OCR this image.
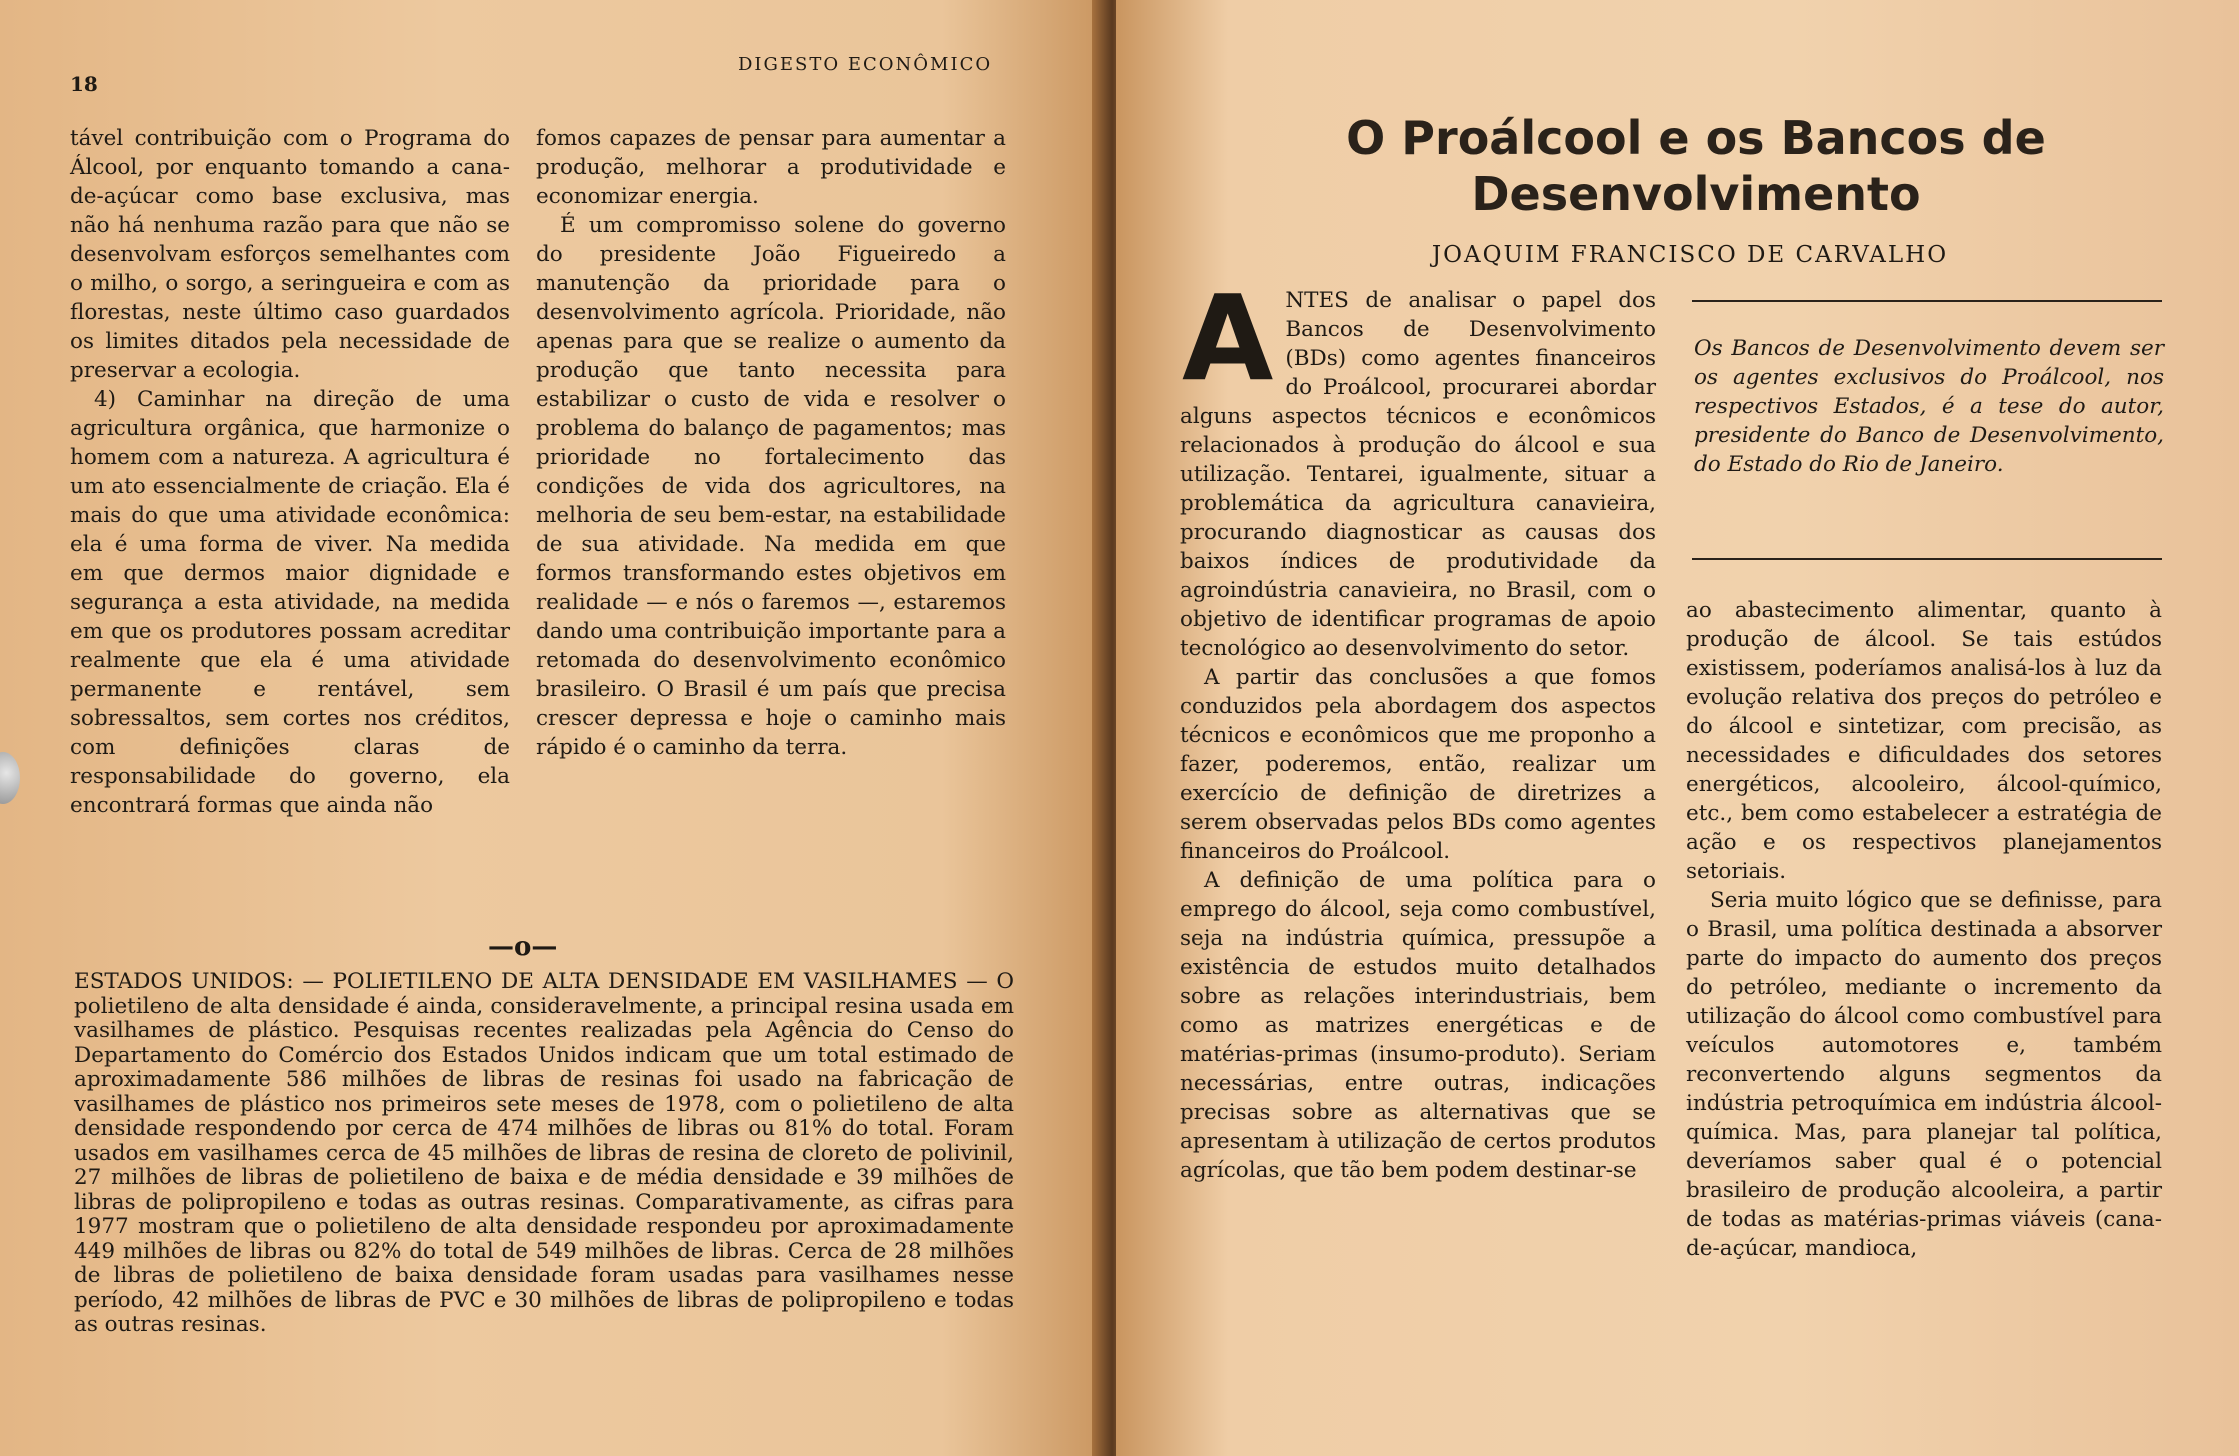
18
DIGESTO ECONÔMICO

tável contribuição com o Programa do Álcool, por enquanto tomando a cana-de-açúcar como base exclusiva, mas não há nenhuma razão para que não se desenvolvam esforços semelhantes com o milho, o sorgo, a seringueira e com as florestas, neste último caso guardados os limites ditados pela necessidade de preservar a ecologia.

4) Caminhar na direção de uma agricultura orgânica, que harmonize o homem com a natureza. A agricultura é um ato essencialmente de criação. Ela é mais do que uma atividade econômica: ela é uma forma de viver. Na medida em que dermos maior dignidade e segurança a esta atividade, na medida em que os produtores possam acreditar realmente que ela é uma atividade permanente e rentável, sem sobressaltos, sem cortes nos créditos, com definições claras de responsabilidade do governo, ela encontrará formas que ainda não

fomos capazes de pensar para aumentar a produção, melhorar a produtividade e economizar energia.

É um compromisso solene do governo do presidente João Figueiredo a manutenção da prioridade para o desenvolvimento agrícola. Prioridade, não apenas para que se realize o aumento da produção que tanto necessita para estabilizar o custo de vida e resolver o problema do balanço de pagamentos; mas prioridade no fortalecimento das condições de vida dos agricultores, na melhoria de seu bem-estar, na estabilidade de sua atividade. Na medida em que formos transformando estes objetivos em realidade — e nós o faremos —, estaremos dando uma contribuição importante para a retomada do desenvolvimento econômico brasileiro. O Brasil é um país que precisa crescer depressa e hoje o caminho mais rápido é o caminho da terra.

—o—
ESTADOS UNIDOS: — POLIETILENO DE ALTA DENSIDADE EM VASILHAMES — O polietileno de alta densidade é ainda, consideravelmente, a principal resina usada em vasilhames de plástico. Pesquisas recentes realizadas pela Agência do Censo do Departamento do Comércio dos Estados Unidos indicam que um total estimado de aproximadamente 586 milhões de libras de resinas foi usado na fabricação de vasilhames de plástico nos primeiros sete meses de 1978, com o polietileno de alta densidade respondendo por cerca de 474 milhões de libras ou 81% do total. Foram usados em vasilhames cerca de 45 milhões de libras de resina de cloreto de polivinil, 27 milhões de libras de polietileno de baixa e de média densidade e 39 milhões de libras de polipropileno e todas as outras resinas. Comparativamente, as cifras para 1977 mostram que o polietileno de alta densidade respondeu por aproximadamente 449 milhões de libras ou 82% do total de 549 milhões de libras. Cerca de 28 milhões de libras de polietileno de baixa densidade foram usadas para vasilhames nesse período, 42 milhões de libras de PVC e 30 milhões de libras de polipropileno e todas as outras resinas.
O Proálcool e os Bancos de Desenvolvimento
JOAQUIM FRANCISCO DE CARVALHO

ANTES de analisar o papel dos Bancos de Desenvolvimento (BDs) como agentes financeiros do Proálcool, procurarei abordar alguns aspectos técnicos e econômicos relacionados à produção do álcool e sua utilização. Tentarei, igualmente, situar a problemática da agricultura canavieira, procurando diagnosticar as causas dos baixos índices de produtividade da agroindústria canavieira, no Brasil, com o objetivo de identificar programas de apoio tecnológico ao desenvolvimento do setor.

A partir das conclusões a que fomos conduzidos pela abordagem dos aspectos técnicos e econômicos que me proponho a fazer, poderemos, então, realizar um exercício de definição de diretrizes a serem observadas pelos BDs como agentes financeiros do Proálcool.

A definição de uma política para o emprego do álcool, seja como combustível, seja na indústria química, pressupõe a existência de estudos muito detalhados sobre as relações interindustriais, bem como as matrizes energéticas e de matérias-primas (insumo-produto). Seriam necessárias, entre outras, indicações precisas sobre as alternativas que se apresentam à utilização de certos produtos agrícolas, que tão bem podem destinar-se

Os Bancos de Desenvolvimento devem ser os agentes exclusivos do Proálcool, nos respectivos Estados, é a tese do autor, presidente do Banco de Desenvolvimento, do Estado do Rio de Janeiro.

ao abastecimento alimentar, quanto à produção de álcool. Se tais estúdos existissem, poderíamos analisá-los à luz da evolução relativa dos preços do petróleo e do álcool e sintetizar, com precisão, as necessidades e dificuldades dos setores energéticos, alcooleiro, álcool-químico, etc., bem como estabelecer a estratégia de ação e os respectivos planejamentos setoriais.

Seria muito lógico que se definisse, para o Brasil, uma política destinada a absorver parte do impacto do aumento dos preços do petróleo, mediante o incremento da utilização do álcool como combustível para veículos automotores e, também reconvertendo alguns segmentos da indústria petroquímica em indústria álcool-química. Mas, para planejar tal política, deveríamos saber qual é o potencial brasileiro de produção alcooleira, a partir de todas as matérias-primas viáveis (cana-de-açúcar, mandioca,
